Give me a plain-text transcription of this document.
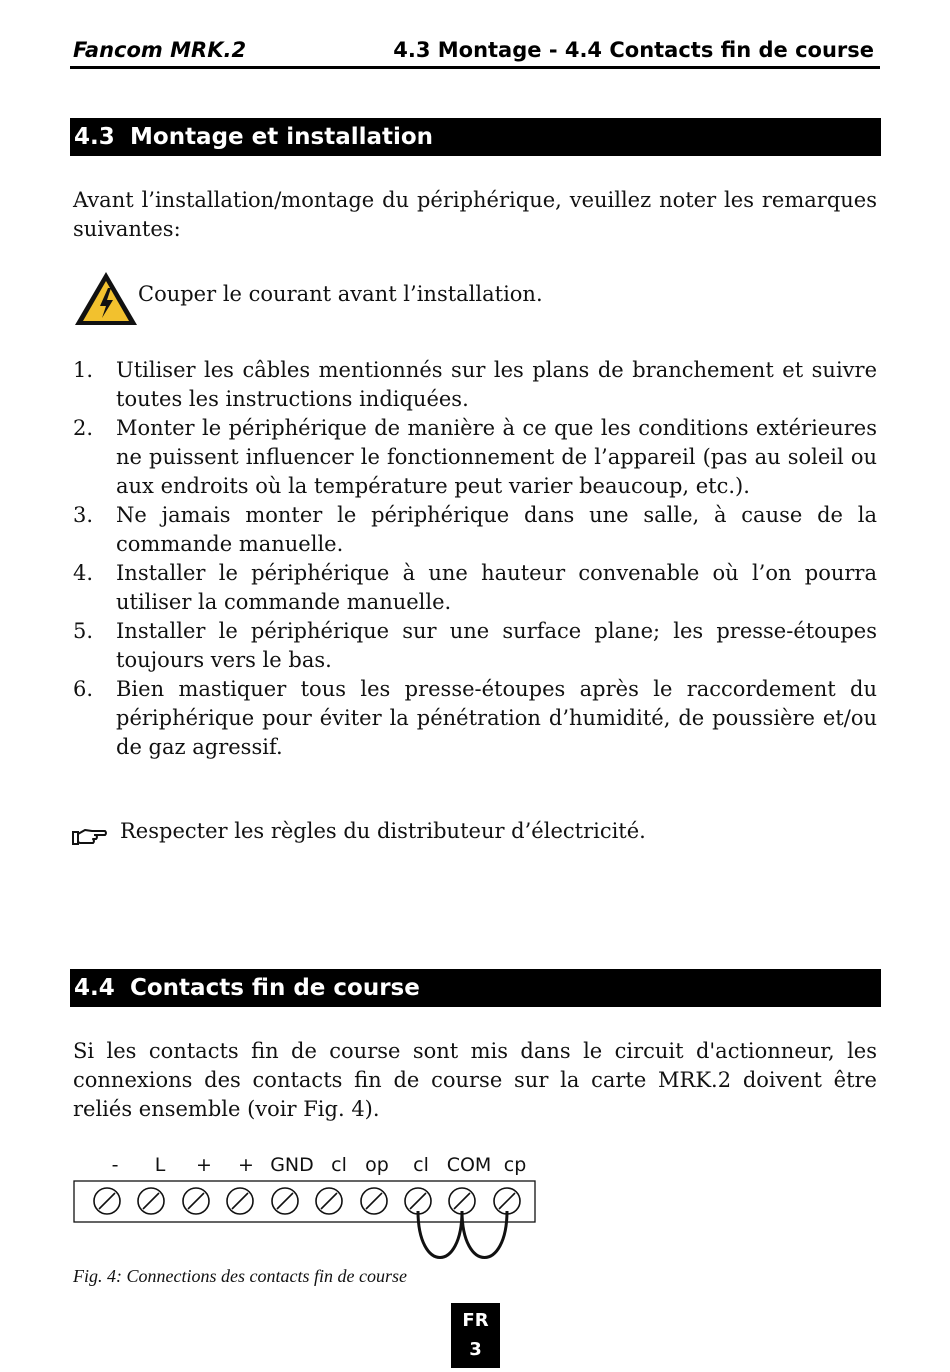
Fancom MRK.2	4.3 Montage - 4.4 Contacts fin de course
4.3 Montage et installation

Avant l’installation/montage du périphérique, veuillez noter les remarques suivantes:

Couper le courant avant l’installation.
1.	Utiliser les câbles mentionnés sur les plans de branchement et suivre toutes les instructions indiquées.
2.	Monter le périphérique de manière à ce que les conditions extérieures ne puissent influencer le fonctionnement de l’appareil (pas au soleil ou aux endroits où la température peut varier beaucoup, etc.).
3.	Ne jamais monter le périphérique dans une salle, à cause de la commande manuelle.
4.	Installer le périphérique à une hauteur convenable où l’on pourra utiliser la commande manuelle.
5.	Installer le périphérique sur une surface plane; les presse-étoupes toujours vers le bas.
6.	Bien mastiquer tous les presse-étoupes après le raccordement du périphérique pour éviter la pénétration d’humidité, de poussière et/ou de gaz agressif.
Respecter les règles du distributeur d’électricité.
4.4 Contacts fin de course

Si les contacts fin de course sont mis dans le circuit d'actionneur, les connexions des contacts fin de course sur la carte MRK.2 doivent être reliés ensemble (voir Fig. 4).

- L + + GND cl op cl COM cp
Fig. 4: Connections des contacts fin de course
FR
3
